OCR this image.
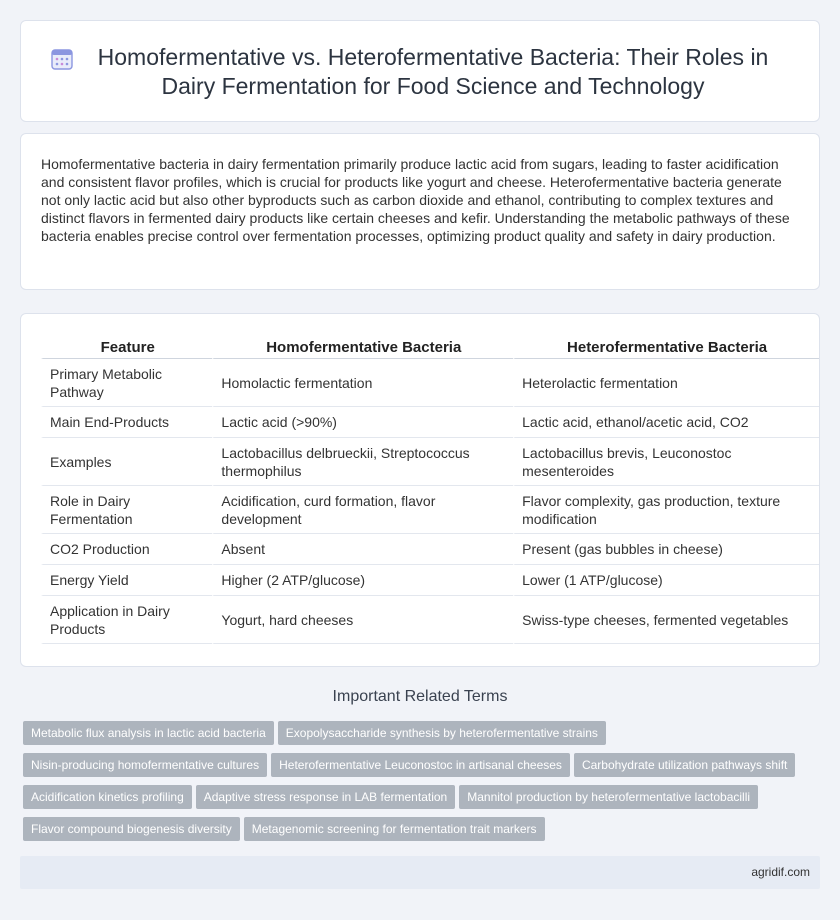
Homofermentative vs. Heterofermentative Bacteria: Their Roles in Dairy Fermentation for Food Science and Technology

Homofermentative bacteria in dairy fermentation primarily produce lactic acid from sugars, leading to faster acidification and consistent flavor profiles, which is crucial for products like yogurt and cheese. Heterofermentative bacteria generate not only lactic acid but also other byproducts such as carbon dioxide and ethanol, contributing to complex textures and distinct flavors in fermented dairy products like certain cheeses and kefir. Understanding the metabolic pathways of these bacteria enables precise control over fermentation processes, optimizing product quality and safety in dairy production.

Feature	Homofermentative Bacteria	Heterofermentative Bacteria
Primary Metabolic Pathway	Homolactic fermentation	Heterolactic fermentation
Main End-Products	Lactic acid (>90%)	Lactic acid, ethanol/acetic acid, CO2
Examples	Lactobacillus delbrueckii, Streptococcus thermophilus	Lactobacillus brevis, Leuconostoc mesenteroides
Role in Dairy Fermentation	Acidification, curd formation, flavor development	Flavor complexity, gas production, texture modification
CO2 Production	Absent	Present (gas bubbles in cheese)
Energy Yield	Higher (2 ATP/glucose)	Lower (1 ATP/glucose)
Application in Dairy Products	Yogurt, hard cheeses	Swiss-type cheeses, fermented vegetables
Important Related Terms
Metabolic flux analysis in lactic acid bacteria Exopolysaccharide synthesis by heterofermentative strains
Nisin-producing homofermentative cultures Heterofermentative Leuconostoc in artisanal cheeses Carbohydrate utilization pathways shift
Acidification kinetics profiling Adaptive stress response in LAB fermentation Mannitol production by heterofermentative lactobacilli
Flavor compound biogenesis diversity Metagenomic screening for fermentation trait markers
agridif.com
